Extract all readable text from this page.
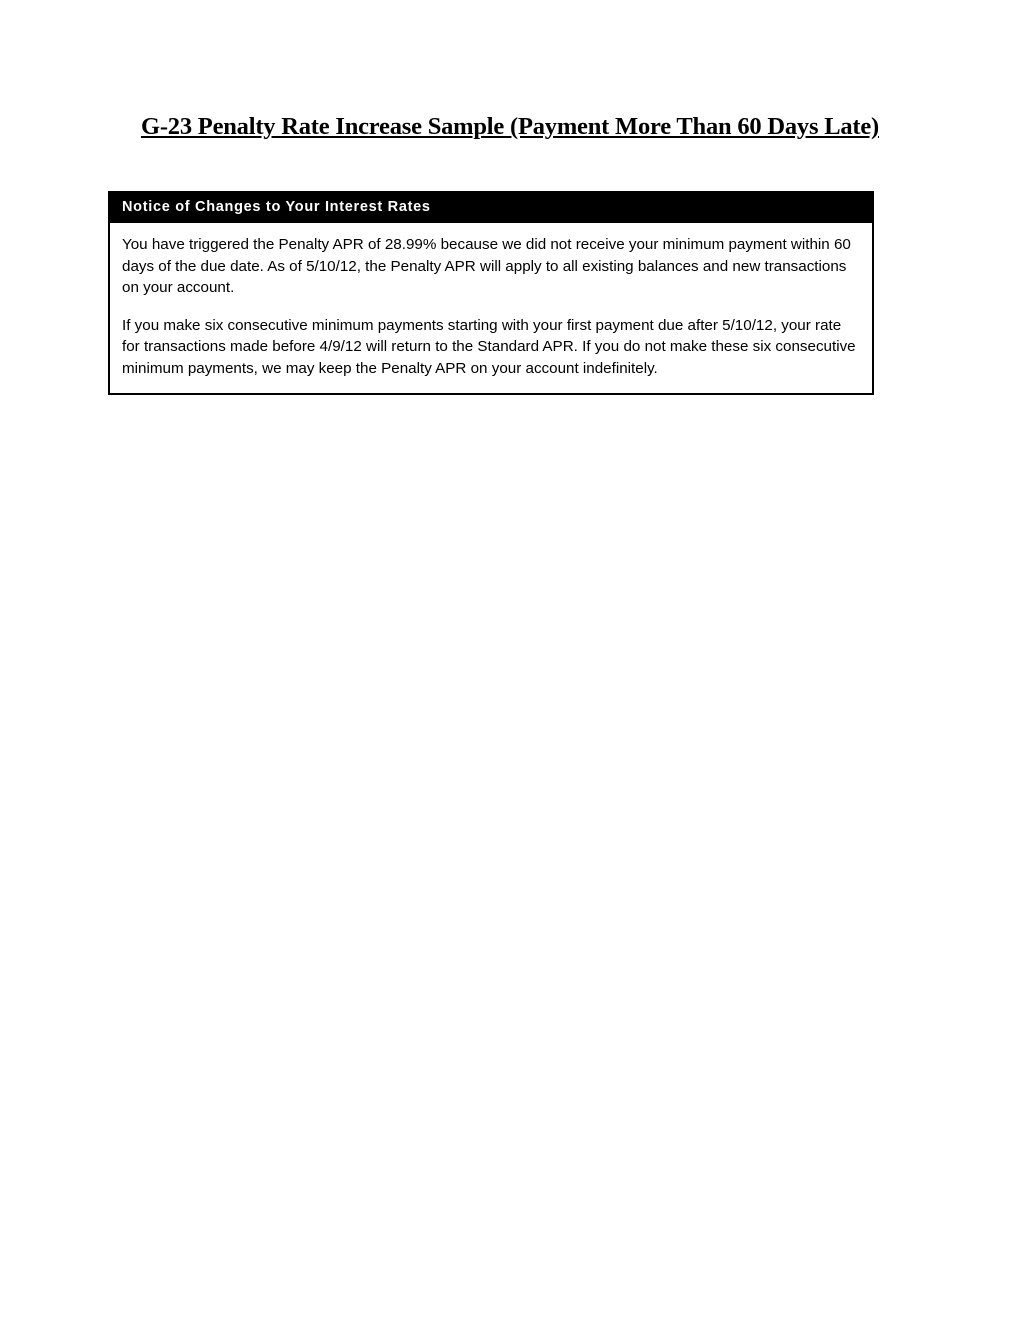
G-23 Penalty Rate Increase Sample (Payment More Than 60 Days Late)
Notice of Changes to Your Interest Rates

You have triggered the Penalty APR of 28.99% because we did not receive your minimum payment within 60 days of the due date. As of 5/10/12, the Penalty APR will apply to all existing balances and new transactions on your account.

If you make six consecutive minimum payments starting with your first payment due after 5/10/12, your rate for transactions made before 4/9/12 will return to the Standard APR. If you do not make these six consecutive minimum payments, we may keep the Penalty APR on your account indefinitely.
